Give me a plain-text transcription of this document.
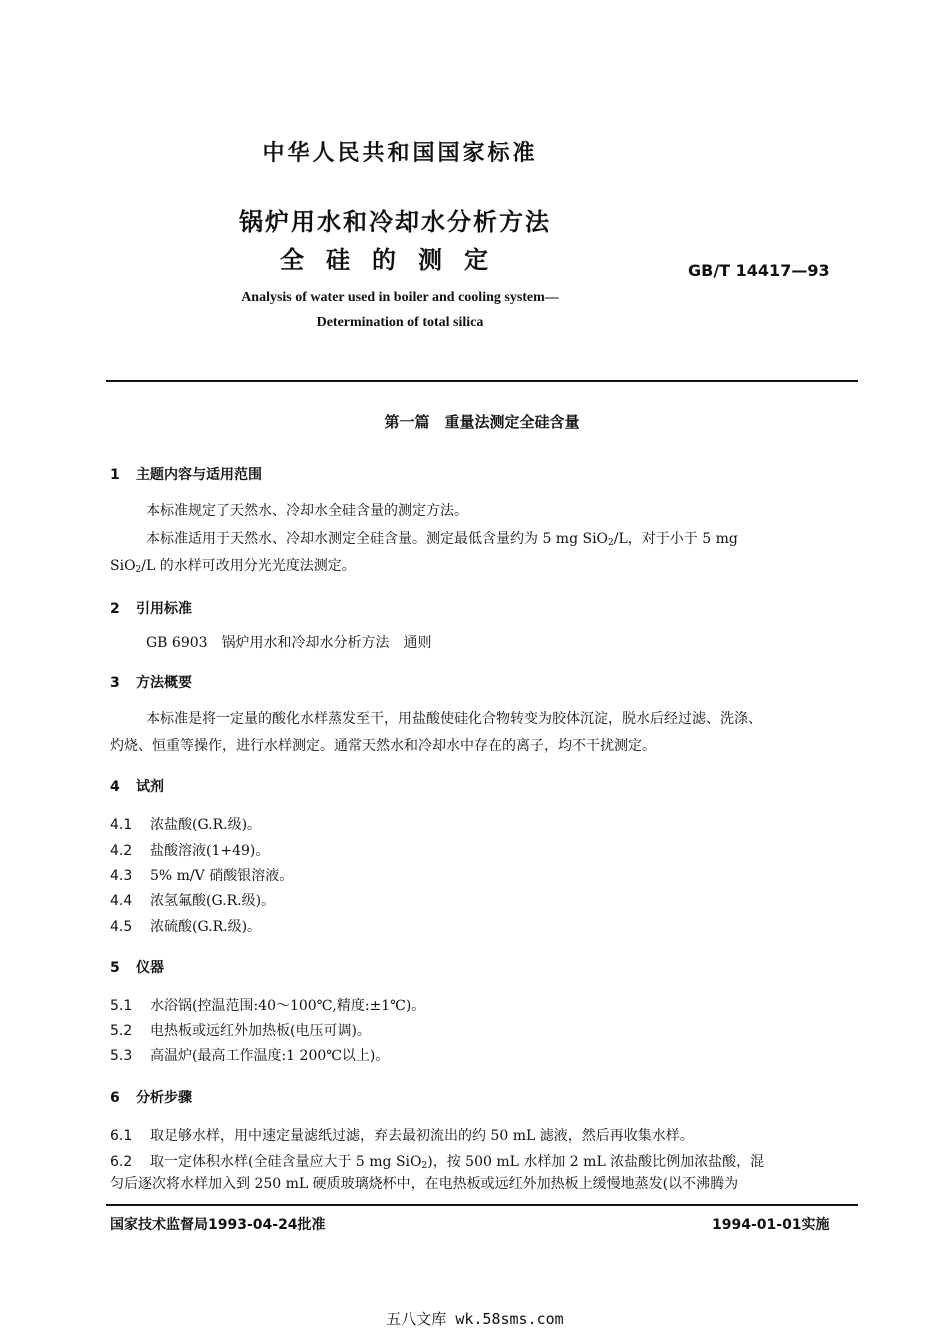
中华人民共和国国家标准
锅炉用水和冷却水分析方法
全硅的测定	GB/T 14417—93
Analysis of water used in boiler and cooling system—
Determination of total silica
第一篇　重量法测定全硅含量
1 主题内容与适用范围
本标准规定了天然水、冷却水全硅含量的测定方法。
本标准适用于天然水、冷却水测定全硅含量。测定最低含量约为 5 mg SiO$_2$/L，对于小于 5 mg
SiO$_2$/L 的水样可改用分光光度法测定。
2 引用标准
GB 6903　锅炉用水和冷却水分析方法　通则
3 方法概要
本标准是将一定量的酸化水样蒸发至干，用盐酸使硅化合物转变为胶体沉淀，脱水后经过滤、洗涤、
灼烧、恒重等操作，进行水样测定。通常天然水和冷却水中存在的离子，均不干扰测定。
4 试剂
4.1 浓盐酸(G.R.级)。
4.2 盐酸溶液(1+49)。
4.3 5% m/V 硝酸银溶液。
4.4 浓氢氟酸(G.R.级)。
4.5 浓硫酸(G.R.级)。
5 仪器
5.1 水浴锅(控温范围:40～100℃,精度:±1℃)。
5.2 电热板或远红外加热板(电压可调)。
5.3 高温炉(最高工作温度:1 200℃以上)。
6 分析步骤
6.1 取足够水样，用中速定量滤纸过滤，弃去最初流出的约 50 mL 滤液，然后再收集水样。
6.2 取一定体积水样(全硅含量应大于 5 mg SiO$_2$)，按 500 mL 水样加 2 mL 浓盐酸比例加浓盐酸，混
匀后逐次将水样加入到 250 mL 硬质玻璃烧杯中，在电热板或远红外加热板上缓慢地蒸发(以不沸腾为
国家技术监督局1993-04-24批准	1994-01-01实施
五八文库 wk.58sms.com
